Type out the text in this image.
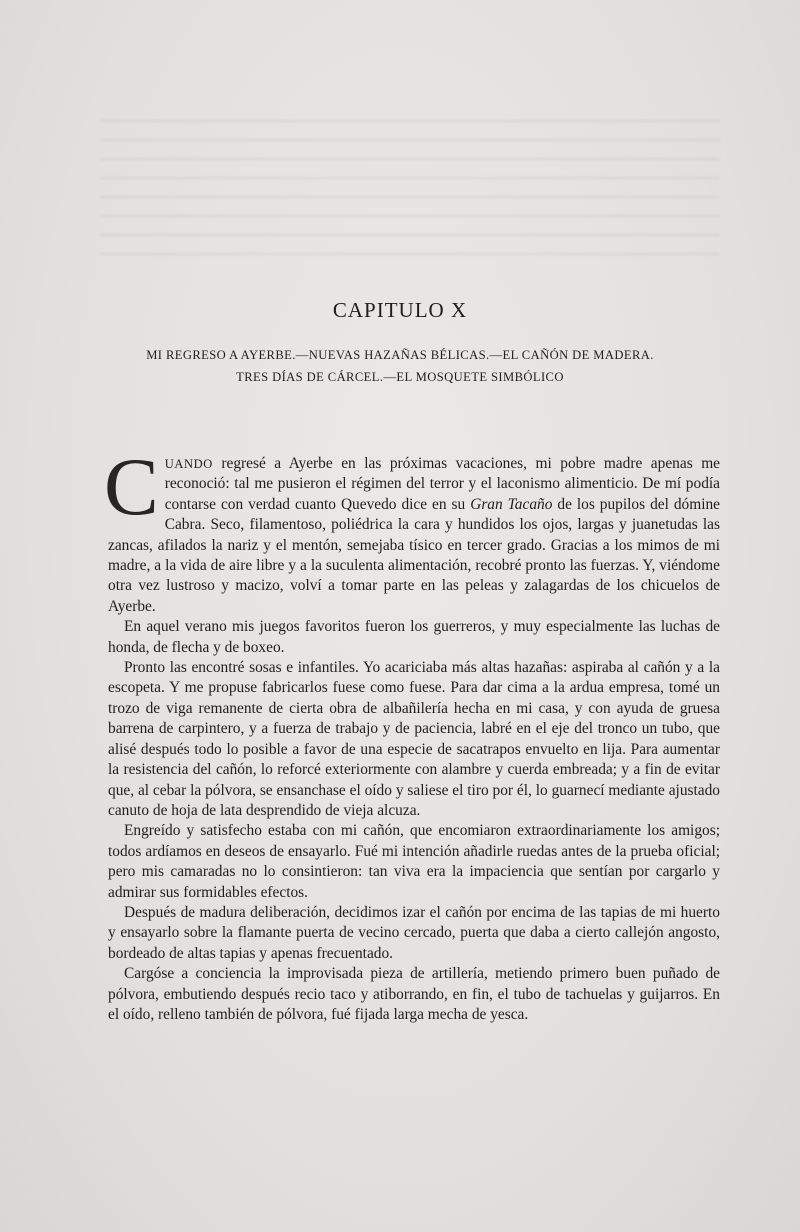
CAPITULO X
MI REGRESO A AYERBE.—NUEVAS HAZAÑAS BÉLICAS.—EL CAÑÓN DE MADERA.
TRES DÍAS DE CÁRCEL.—EL MOSQUETE SIMBÓLICO

CUANDO regresé a Ayerbe en las próximas vacaciones, mi pobre madre apenas me reconoció: tal me pusieron el régimen del terror y el laconismo alimenticio. De mí podía contarse con verdad cuanto Quevedo dice en su Gran Tacaño de los pupilos del dómine Cabra. Seco, filamentoso, poliédrica la cara y hundidos los ojos, largas y juanetudas las zancas, afilados la nariz y el mentón, semejaba tísico en tercer grado. Gracias a los mimos de mi madre, a la vida de aire libre y a la suculenta alimentación, recobré pronto las fuerzas. Y, viéndome otra vez lustroso y macizo, volví a tomar parte en las peleas y zalagardas de los chicuelos de Ayerbe.

En aquel verano mis juegos favoritos fueron los guerreros, y muy especialmente las luchas de honda, de flecha y de boxeo.

Pronto las encontré sosas e infantiles. Yo acariciaba más altas hazañas: aspiraba al cañón y a la escopeta. Y me propuse fabricarlos fuese como fuese. Para dar cima a la ardua empresa, tomé un trozo de viga remanente de cierta obra de albañilería hecha en mi casa, y con ayuda de gruesa barrena de carpintero, y a fuerza de trabajo y de paciencia, labré en el eje del tronco un tubo, que alisé después todo lo posible a favor de una especie de sacatrapos envuelto en lija. Para aumentar la resistencia del cañón, lo reforcé exteriormente con alambre y cuerda embreada; y a fin de evitar que, al cebar la pólvora, se ensanchase el oído y saliese el tiro por él, lo guarnecí mediante ajustado canuto de hoja de lata desprendido de vieja alcuza.

Engreído y satisfecho estaba con mi cañón, que encomiaron extraordinariamente los amigos; todos ardíamos en deseos de ensayarlo. Fué mi intención añadirle ruedas antes de la prueba oficial; pero mis camaradas no lo consintieron: tan viva era la impaciencia que sentían por cargarlo y admirar sus formidables efectos.

Después de madura deliberación, decidimos izar el cañón por encima de las tapias de mi huerto y ensayarlo sobre la flamante puerta de vecino cercado, puerta que daba a cierto callejón angosto, bordeado de altas tapias y apenas frecuentado.

Cargóse a conciencia la improvisada pieza de artillería, metiendo primero buen puñado de pólvora, embutiendo después recio taco y atiborrando, en fin, el tubo de tachuelas y guijarros. En el oído, relleno también de pólvora, fué fijada larga mecha de yesca.
